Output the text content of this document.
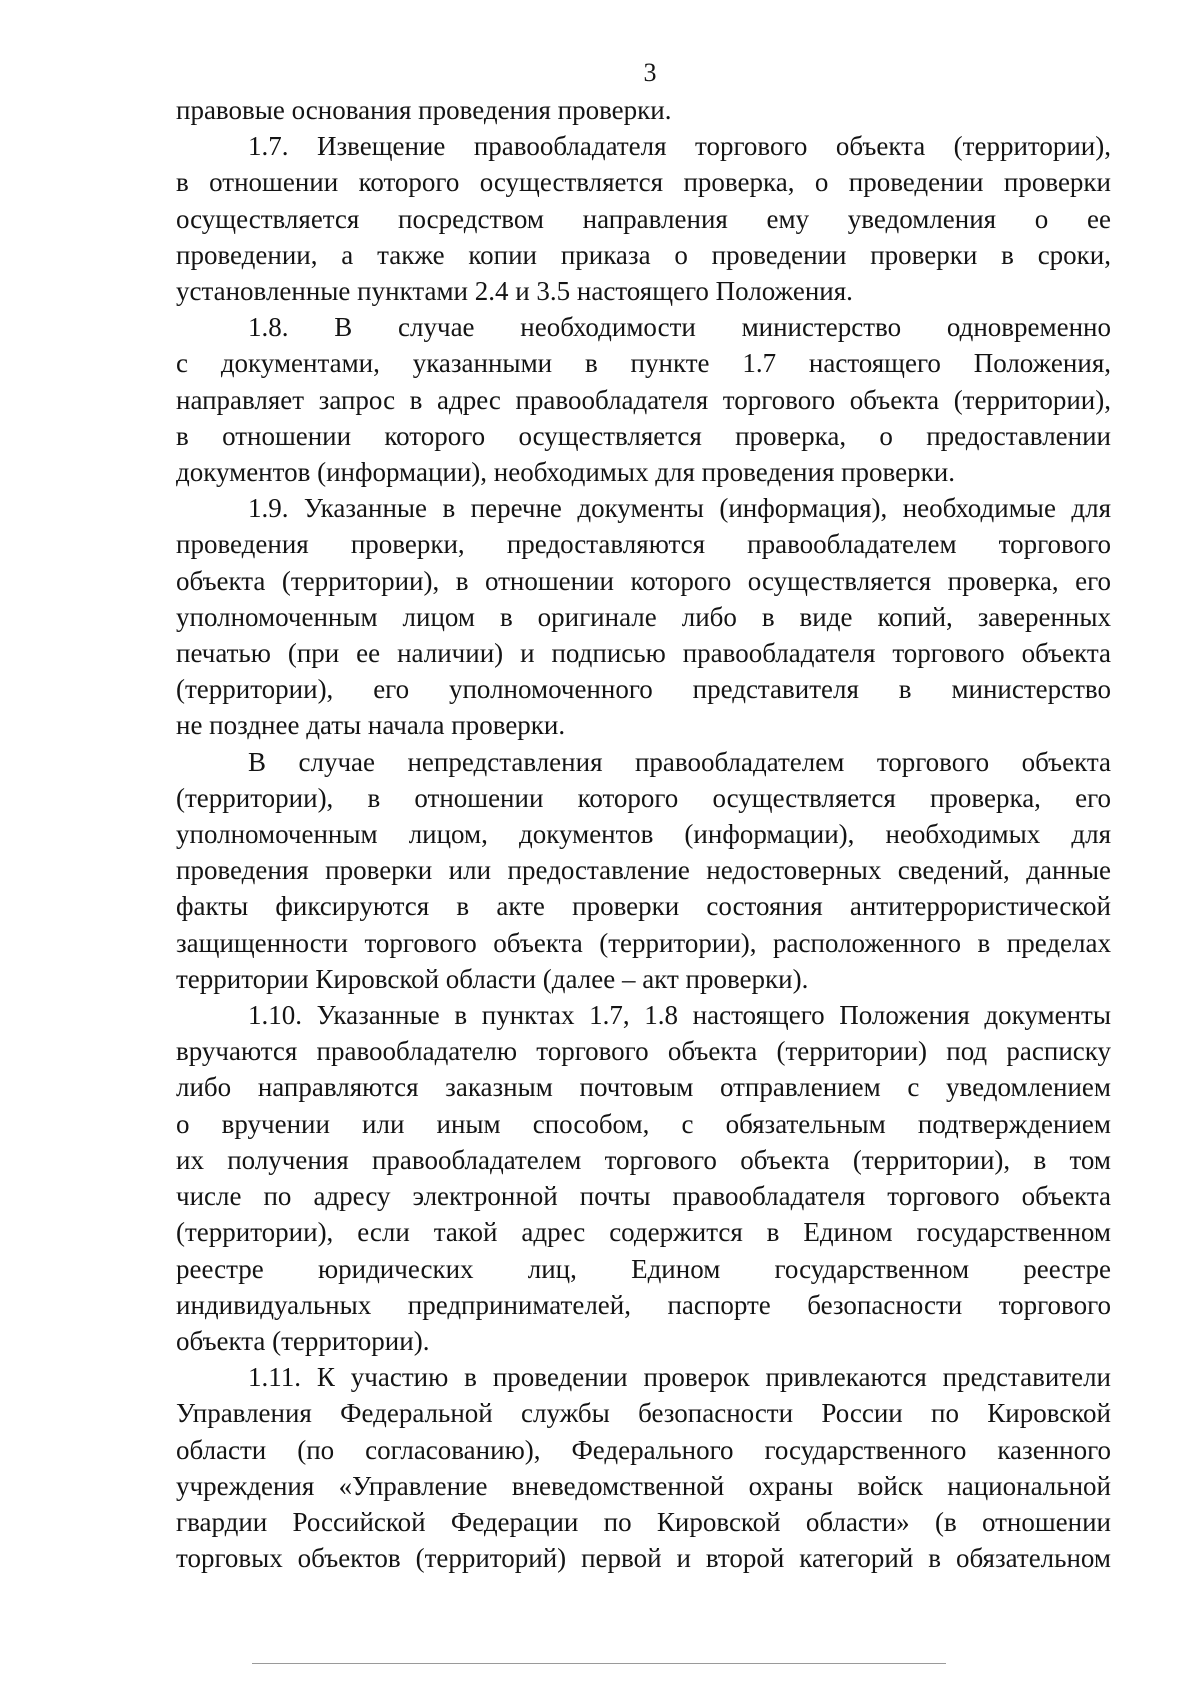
3
правовые основания проведения проверки.
1.7. Извещение правообладателя торгового объекта (территории),
в отношении которого осуществляется проверка, о проведении проверки
осуществляется посредством направления ему уведомления о ее
проведении, а также копии приказа о проведении проверки в сроки,
установленные пунктами 2.4 и 3.5 настоящего Положения.
1.8. В случае необходимости министерство одновременно
с документами, указанными в пункте 1.7 настоящего Положения,
направляет запрос в адрес правообладателя торгового объекта (территории),
в отношении которого осуществляется проверка, о предоставлении
документов (информации), необходимых для проведения проверки.
1.9. Указанные в перечне документы (информация), необходимые для
проведения проверки, предоставляются правообладателем торгового
объекта (территории), в отношении которого осуществляется проверка, его
уполномоченным лицом в оригинале либо в виде копий, заверенных
печатью (при ее наличии) и подписью правообладателя торгового объекта
(территории), его уполномоченного представителя в министерство
не позднее даты начала проверки.
В случае непредставления правообладателем торгового объекта
(территории), в отношении которого осуществляется проверка, его
уполномоченным лицом, документов (информации), необходимых для
проведения проверки или предоставление недостоверных сведений, данные
факты фиксируются в акте проверки состояния антитеррористической
защищенности торгового объекта (территории), расположенного в пределах
территории Кировской области (далее – акт проверки).
1.10. Указанные в пунктах 1.7, 1.8 настоящего Положения документы
вручаются правообладателю торгового объекта (территории) под расписку
либо направляются заказным почтовым отправлением с уведомлением
о вручении или иным способом, с обязательным подтверждением
их получения правообладателем торгового объекта (территории), в том
числе по адресу электронной почты правообладателя торгового объекта
(территории), если такой адрес содержится в Едином государственном
реестре юридических лиц, Едином государственном реестре
индивидуальных предпринимателей, паспорте безопасности торгового
объекта (территории).
1.11. К участию в проведении проверок привлекаются представители
Управления Федеральной службы безопасности России по Кировской
области (по согласованию), Федерального государственного казенного
учреждения «Управление вневедомственной охраны войск национальной
гвардии Российской Федерации по Кировской области» (в отношении
торговых объектов (территорий) первой и второй категорий в обязательном
